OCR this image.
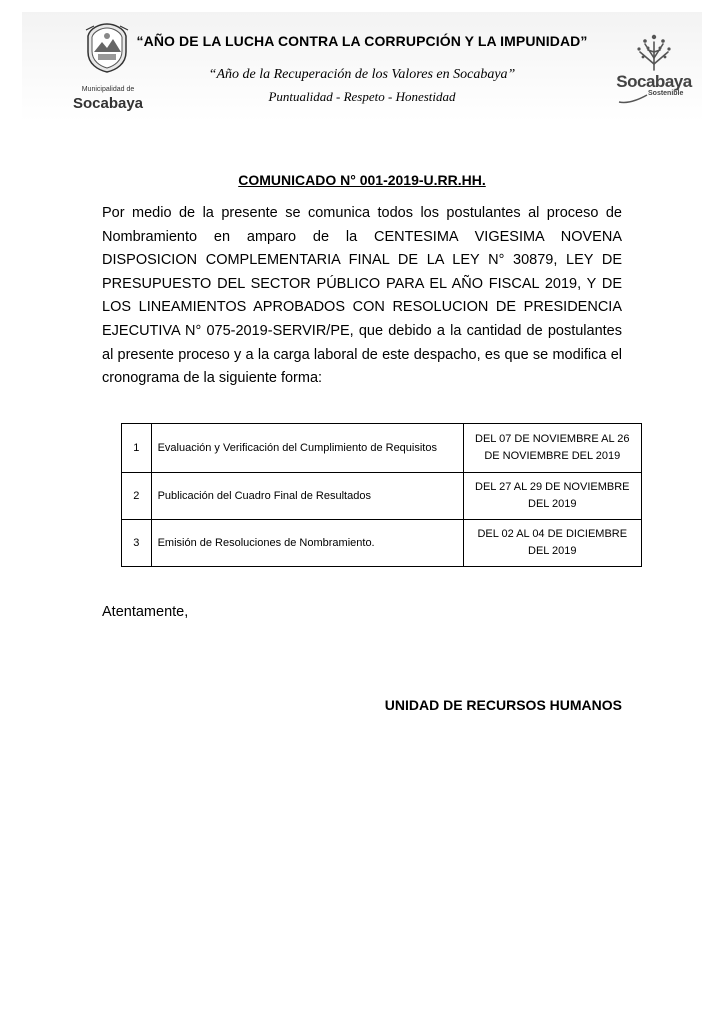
Municipalidad de
Socabaya
Socabaya
Sostenible
“AÑO DE LA LUCHA CONTRA LA CORRUPCIÓN Y LA IMPUNIDAD”
“Año de la Recuperación de los Valores en Socabaya”
Puntualidad - Respeto - Honestidad
COMUNICADO N° 001-2019-U.RR.HH.
Por medio de la presente se comunica todos los postulantes al proceso de Nombramiento en amparo de la CENTESIMA VIGESIMA NOVENA DISPOSICION COMPLEMENTARIA FINAL DE LA LEY N° 30879, LEY DE PRESUPUESTO DEL SECTOR PÚBLICO PARA EL AÑO FISCAL 2019, Y DE LOS LINEAMIENTOS APROBADOS CON RESOLUCION DE PRESIDENCIA EJECUTIVA N° 075-2019-SERVIR/PE, que debido a la cantidad de postulantes al presente proceso y a la carga laboral de este despacho, es que se modifica el cronograma de la siguiente forma:
1	Evaluación y Verificación del Cumplimiento de Requisitos	DEL 07 DE NOVIEMBRE AL 26 DE NOVIEMBRE DEL 2019
2	Publicación del Cuadro Final de Resultados	DEL 27 AL 29 DE NOVIEMBRE DEL 2019
3	Emisión de Resoluciones de Nombramiento.	DEL 02 AL 04 DE DICIEMBRE DEL 2019
Atentamente,
UNIDAD DE RECURSOS HUMANOS
